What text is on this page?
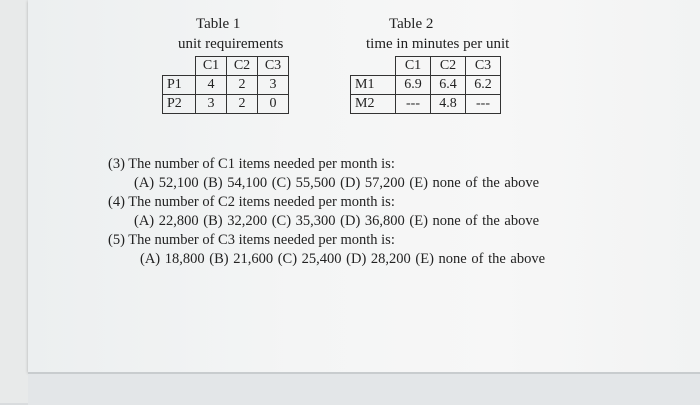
Table 1
unit requirements
	C1	C2	C3
P1	4	2	3
P2	3	2	0
Table 2
time in minutes per unit
	C1	C2	C3
M1	6.9	6.4	6.2
M2	---	4.8	---
(3) The number of C1 items needed per month is:
(A) 52,100 (B) 54,100 (C) 55,500 (D) 57,200 (E) none of the above
(4) The number of C2 items needed per month is:
(A) 22,800 (B) 32,200 (C) 35,300 (D) 36,800 (E) none of the above
(5) The number of C3 items needed per month is:
(A) 18,800 (B) 21,600 (C) 25,400 (D) 28,200 (E) none of the above
